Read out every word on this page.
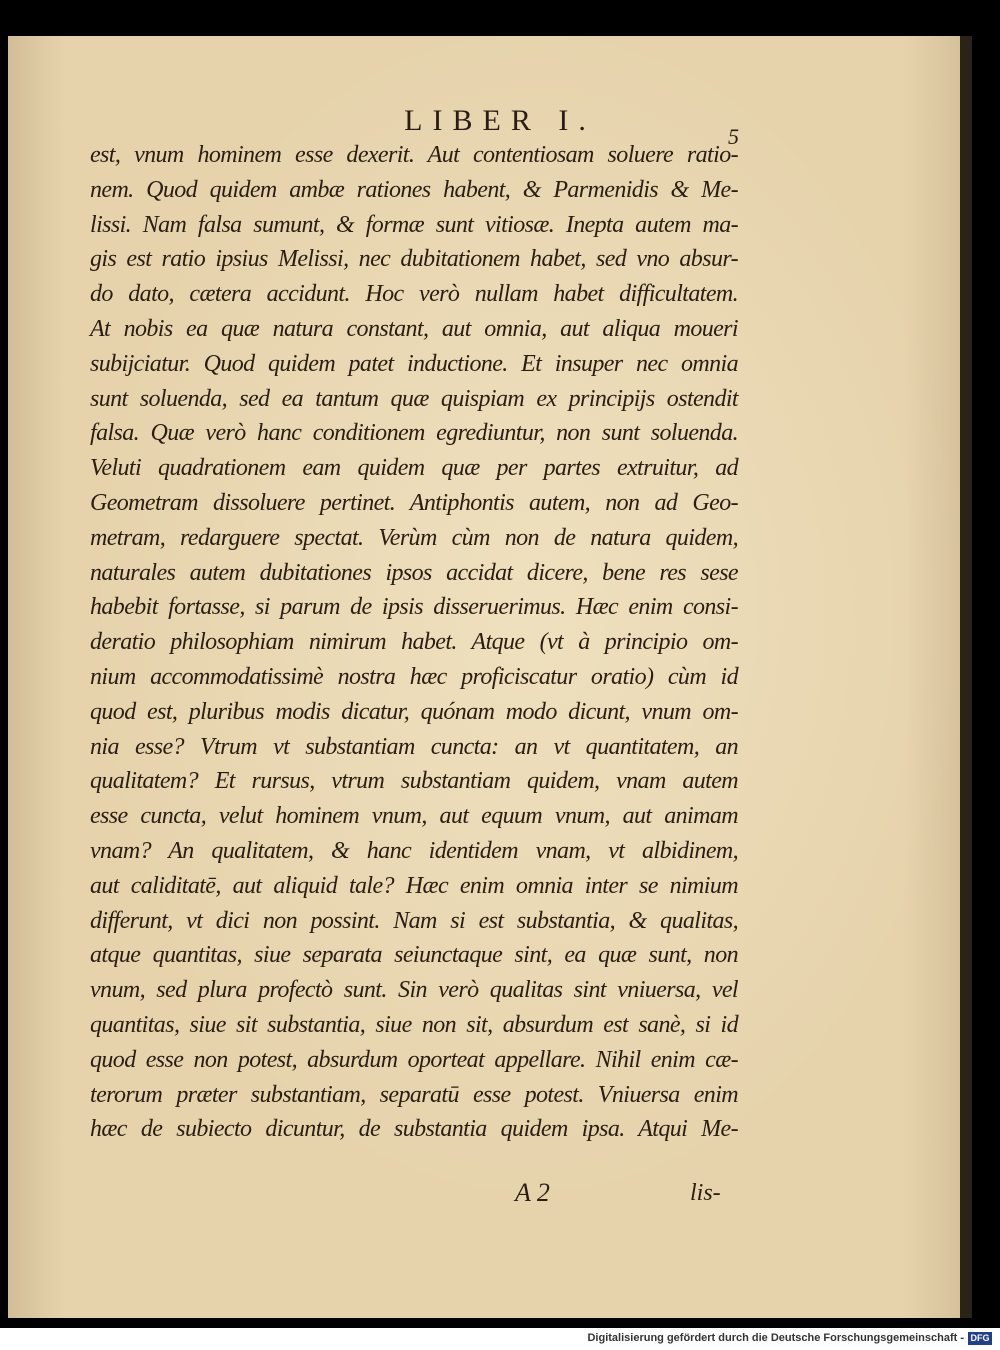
LIBER I.	5
est, vnum hominem esse dexerit. Aut contentiosam soluere ratio-
nem. Quod quidem ambæ rationes habent, & Parmenidis & Me-
lissi. Nam falsa sumunt, & formæ sunt vitiosæ. Inepta autem ma-
gis est ratio ipsius Melissi, nec dubitationem habet, sed vno absur-
do dato, cætera accidunt. Hoc verò nullam habet difficultatem.
At nobis ea quæ natura constant, aut omnia, aut aliqua moueri
subijciatur. Quod quidem patet inductione. Et insuper nec omnia
sunt soluenda, sed ea tantum quæ quispiam ex principijs ostendit
falsa. Quæ verò hanc conditionem egrediuntur, non sunt soluenda.
Veluti quadrationem eam quidem quæ per partes extruitur, ad
Geometram dissoluere pertinet. Antiphontis autem, non ad Geo-
metram, redarguere spectat. Verùm cùm non de natura quidem,
naturales autem dubitationes ipsos accidat dicere, bene res sese
habebit fortasse, si parum de ipsis disseruerimus. Hæc enim consi-
deratio philosophiam nimirum habet. Atque (vt à principio om-
nium accommodatissimè nostra hæc proficiscatur oratio) cùm id
quod est, pluribus modis dicatur, quónam modo dicunt, vnum om-
nia esse? Vtrum vt substantiam cuncta: an vt quantitatem, an
qualitatem? Et rursus, vtrum substantiam quidem, vnam autem
esse cuncta, velut hominem vnum, aut equum vnum, aut animam
vnam? An qualitatem, & hanc identidem vnam, vt albidinem,
aut caliditatē, aut aliquid tale? Hæc enim omnia inter se nimium
differunt, vt dici non possint. Nam si est substantia, & qualitas,
atque quantitas, siue separata seiunctaque sint, ea quæ sunt, non
vnum, sed plura profectò sunt. Sin verò qualitas sint vniuersa, vel
quantitas, siue sit substantia, siue non sit, absurdum est sanè, si id
quod esse non potest, absurdum oporteat appellare. Nihil enim cæ-
terorum præter substantiam, separatū esse potest. Vniuersa enim
hæc de subiecto dicuntur, de substantia quidem ipsa. Atqui Me-
A 2	lis-
Digitalisierung gefördert durch die Deutsche Forschungsgemeinschaft - DFG
